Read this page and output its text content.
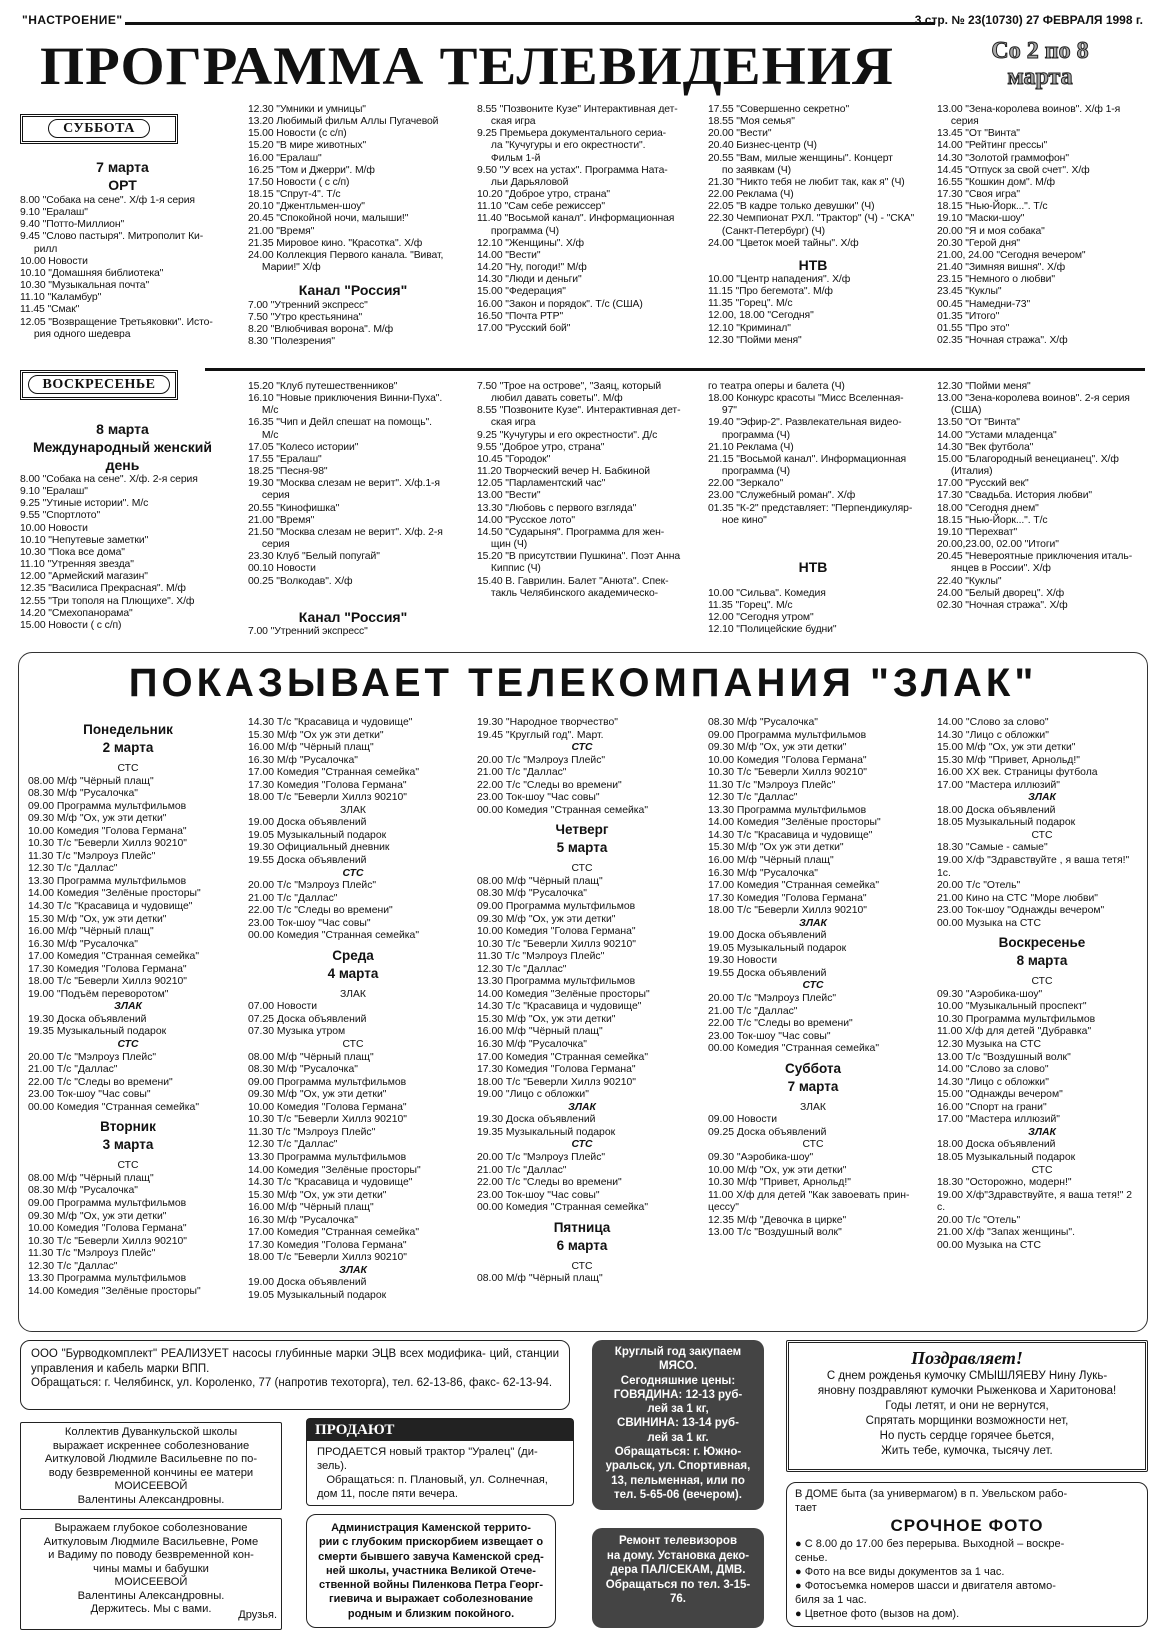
"НАСТРОЕНИЕ"	3 стр. № 23(10730) 27 ФЕВРАЛЯ 1998 г.
ПРОГРАММА ТЕЛЕВИДЕНИЯ	Со 2 по 8
марта
СУББОТА
7 марта
ОРТ
8.00 "Собака на сене". Х/ф 1-я серия
9.10 "Ералаш"
9.40 "Потто-Миллион"
9.45 "Слово пастыря". Митрополит Ки-
рилл
10.00 Новости
10.10 "Домашняя библиотека"
10.30 "Музыкальная почта"
11.10 "Каламбур"
11.45 "Смак"
12.05 "Возвращение Третьяковки". Исто-
рия одного шедевра
12.30 "Умники и умницы"
13.20 Любимый фильм Аллы Пугачевой
15.00 Новости (с с/п)
15.20 "В мире животных"
16.00 "Ералаш"
16.25 "Том и Джерри". М/ф
17.50 Новости ( с с/п)
18.15 "Спрут-4". Т/с
20.10 "Джентльмен-шоу"
20.45 "Спокойной ночи, малыши!"
21.00 "Время"
21.35 Мировое кино. "Красотка". Х/ф
24.00 Коллекция Первого канала. "Виват,
Марии!" Х/ф
Канал "Россия"
7.00 "Утренний экспресс"
7.50 "Утро крестьянина"
8.20 "Влюбчивая ворона". М/ф
8.30 "Полезрения"
8.55 "Позвоните Кузе" Интерактивная дет-
ская игра
9.25 Премьера документального сериа-
ла "Кучугуры и его окрестности".
Фильм 1-й
9.50 "У всех на устах". Программа Ната-
льи Дарьяловой
10.20 "Доброе утро, страна"
11.10 "Сам себе режиссер"
11.40 "Восьмой канал". Информационная
программа (Ч)
12.10 "Женщины". Х/ф
14.00 "Вести"
14.20 "Ну, погоди!" М/ф
14.30 "Люди и деньги"
15.00 "Федерация"
16.00 "Закон и порядок". Т/с (США)
16.50 "Почта РТР"
17.00 "Русский бой"
17.55 "Совершенно секретно"
18.55 "Моя семья"
20.00 "Вести"
20.40 Бизнес-центр (Ч)
20.55 "Вам, милые женщины". Концерт
по заявкам (Ч)
21.30 "Никто тебя не любит так, как я" (Ч)
22.00 Реклама (Ч)
22.05 "В кадре только девушки" (Ч)
22.30 Чемпионат РХЛ. "Трактор" (Ч) - "СКА"
(Санкт-Петербург) (Ч)
24.00 "Цветок моей тайны". Х/ф
НТВ
10.00 "Центр нападения". Х/ф
11.15 "Про бегемота". М/ф
11.35 "Горец". М/с
12.00, 18.00 "Сегодня"
12.10 "Криминал"
12.30 "Пойми меня"
13.00 "Зена-королева воинов". Х/ф 1-я
серия
13.45 "От "Винта"
14.00 "Рейтинг прессы"
14.30 "Золотой граммофон"
14.45 "Отпуск за свой счет". Х/ф
16.55 "Кошкин дом". М/ф
17.30 "Своя игра"
18.15 "Нью-Йорк...". Т/с
19.10 "Маски-шоу"
20.00 "Я и моя собака"
20.30 "Герой дня"
21.00, 24.00 "Сегодня вечером"
21.40 "Зимняя вишня". Х/ф
23.15 "Немного о любви"
23.45 "Куклы"
00.45 "Намедни-73"
01.35 "Итого"
01.55 "Про это"
02.35 "Ночная стража". Х/ф
ВОСКРЕСЕНЬЕ
8 марта
Международный женский
день
8.00 "Собака на сене". Х/ф. 2-я серия
9.10 "Ералаш"
9.25 "Утиные истории". М/с
9.55 "Спортлото"
10.00 Новости
10.10 "Непутевые заметки"
10.30 "Пока все дома"
11.10 "Утренняя звезда"
12.00 "Армейский магазин"
12.35 "Василиса Прекрасная". М/ф
12.55 "Три тополя на Плющихе". Х/ф
14.20 "Смехопанорама"
15.00 Новости ( с с/п)
15.20 "Клуб путешественников"
16.10 "Новые приключения Винни-Пуха".
М/с
16.35 "Чип и Дейл спешат на помощь".
М/с
17.05 "Колесо истории"
17.55 "Ералаш"
18.25 "Песня-98"
19.30 "Москва слезам не верит". Х/ф.1-я
серия
20.55 "Кинофишка"
21.00 "Время"
21.50 "Москва слезам не верит". Х/ф. 2-я
серия
23.30 Клуб "Белый попугай"
00.10 Новости
00.25 "Волкодав". Х/ф
Канал "Россия"
7.00 "Утренний экспресс"
7.50 "Трое на острове", "Заяц, который
любил давать советы". М/ф
8.55 "Позвоните Кузе". Интерактивная дет-
ская игра
9.25 "Кучугуры и его окрестности". Д/с
9.55 "Доброе утро, страна"
10.45 "Городок"
11.20 Творческий вечер Н. Бабкиной
12.05 "Парламентский час"
13.00 "Вести"
13.30 "Любовь с первого взгляда"
14.00 "Русское лото"
14.50 "Сударыня". Программа для жен-
щин (Ч)
15.20 "В присутствии Пушкина". Поэт Анна
Киппис (Ч)
15.40 В. Гаврилин. Балет "Анюта". Спек-
такль Челябинского академическо-
го театра оперы и балета (Ч)
18.00 Конкурс красоты "Мисс Вселенная-
97"
19.40 "Эфир-2". Развлекательная видео-
программа (Ч)
21.10 Реклама (Ч)
21.15 "Восьмой канал". Информационная
программа (Ч)
22.00 "Зеркало"
23.00 "Служебный роман". Х/ф
01.35 "К-2" представляет: "Перпендикуляр-
ное кино"
НТВ
10.00 "Сильва". Комедия
11.35 "Горец". М/с
12.00 "Сегодня утром"
12.10 "Полицейские будни"
12.30 "Пойми меня"
13.00 "Зена-королева воинов". 2-я серия
(США)
13.50 "От "Винта"
14.00 "Устами младенца"
14.30 "Век футбола"
15.00 "Благородный венецианец". Х/ф
(Италия)
17.00 "Русский век"
17.30 "Свадьба. История любви"
18.00 "Сегодня днем"
18.15 "Нью-Йорк...". Т/с
19.10 "Перехват"
20.00,23.00, 02.00 "Итоги"
20.45 "Невероятные приключения италь-
янцев в России". Х/ф
22.40 "Куклы"
24.00 "Белый дворец". Х/ф
02.30 "Ночная стража". Х/ф
ПОКАЗЫВАЕТ ТЕЛЕКОМПАНИЯ "ЗЛАК"
Понедельник
2 марта
СТС
08.00 М/ф "Чёрный плащ"
08.30 М/ф "Русалочка"
09.00 Программа мультфильмов
09.30 М/ф "Ох, уж эти детки"
10.00 Комедия "Голова Германа"
10.30 Т/с "Беверли Хиллз 90210"
11.30 Т/с "Мэлроуз Плейс"
12.30 Т/с "Даллас"
13.30 Программа мультфильмов
14.00 Комедия "Зелёные просторы"
14.30 Т/с "Красавица и чудовище"
15.30 М/ф "Ох, уж эти детки"
16.00 М/ф "Чёрный плащ"
16.30 М/ф "Русалочка"
17.00 Комедия "Странная семейка"
17.30 Комедия "Голова Германа"
18.00 Т/с "Беверли Хиллз 90210"
19.00 "Подъём переворотом"
ЗЛАК
19.30 Доска объявлений
19.35 Музыкальный подарок
СТС
20.00 Т/с "Мэлроуз Плейс"
21.00 Т/с "Даллас"
22.00 Т/с "Следы во времени"
23.00 Ток-шоу "Час совы"
00.00 Комедия "Странная семейка"
Вторник
3 марта
СТС
08.00 М/ф "Чёрный плащ"
08.30 М/ф "Русалочка"
09.00 Программа мультфильмов
09.30 М/ф "Ох, уж эти детки"
10.00 Комедия "Голова Германа"
10.30 Т/с "Беверли Хиллз 90210"
11.30 Т/с "Мэлроуз Плейс"
12.30 Т/с "Даллас"
13.30 Программа мультфильмов
14.00 Комедия "Зелёные просторы"
14.30 Т/с "Красавица и чудовище"
15.30 М/ф "Ох уж эти детки"
16.00 М/ф "Чёрный плащ"
16.30 М/ф "Русалочка"
17.00 Комедия "Странная семейка"
17.30 Комедия "Голова Германа"
18.00 Т/с "Беверли Хиллз 90210"
ЗЛАК
19.00 Доска объявлений
19.05 Музыкальный подарок
19.30 Официальный дневник
19.55 Доска объявлений
СТС
20.00 Т/с "Мэлроуз Плейс"
21.00 Т/с "Даллас"
22.00 Т/с "Следы во времени"
23.00 Ток-шоу "Час совы"
00.00 Комедия "Странная семейка"
Среда
4 марта
ЗЛАК
07.00 Новости
07.25 Доска объявлений
07.30 Музыка утром
СТС
08.00 М/ф "Чёрный плащ"
08.30 М/ф "Русалочка"
09.00 Программа мультфильмов
09.30 М/ф "Ох, уж эти детки"
10.00 Комедия "Голова Германа"
10.30 Т/с "Беверли Хиллз 90210"
11.30 Т/с "Мэлроуз Плейс"
12.30 Т/с "Даллас"
13.30 Программа мультфильмов
14.00 Комедия "Зелёные просторы"
14.30 Т/с "Красавица и чудовище"
15.30 М/ф "Ох, уж эти детки"
16.00 М/ф "Чёрный плащ"
16.30 М/ф "Русалочка"
17.00 Комедия "Странная семейка"
17.30 Комедия "Голова Германа"
18.00 Т/с "Беверли Хиллз 90210"
ЗЛАК
19.00 Доска объявлений
19.05 Музыкальный подарок
19.30 "Народное творчество"
19.45 "Круглый год". Март.
СТС
20.00 Т/с "Мэлроуз Плейс"
21.00 Т/с "Даллас"
22.00 Т/с "Следы во времени"
23.00 Ток-шоу "Час совы"
00.00 Комедия "Странная семейка"
Четверг
5 марта
СТС
08.00 М/ф "Чёрный плащ"
08.30 М/ф "Русалочка"
09.00 Программа мультфильмов
09.30 М/ф "Ох, уж эти детки"
10.00 Комедия "Голова Германа"
10.30 Т/с "Беверли Хиллз 90210"
11.30 Т/с "Мэлроуз Плейс"
12.30 Т/с "Даллас"
13.30 Программа мультфильмов
14.00 Комедия "Зелёные просторы"
14.30 Т/с "Красавица и чудовище"
15.30 М/ф "Ох, уж эти детки"
16.00 М/ф "Чёрный плащ"
16.30 М/ф "Русалочка"
17.00 Комедия "Странная семейка"
17.30 Комедия "Голова Германа"
18.00 Т/с "Беверли Хиллз 90210"
19.00 "Лицо с обложки"
ЗЛАК
19.30 Доска объявлений
19.35 Музыкальный подарок
СТС
20.00 Т/с "Мэлроуз Плейс"
21.00 Т/с "Даллас"
22.00 Т/с "Следы во времени"
23.00 Ток-шоу "Час совы"
00.00 Комедия "Странная семейка"
Пятница
6 марта
СТС
08.00 М/ф "Чёрный плащ"
08.30 М/ф "Русалочка"
09.00 Программа мультфильмов
09.30 М/ф "Ох, уж эти детки"
10.00 Комедия "Голова Германа"
10.30 Т/с "Беверли Хиллз 90210"
11.30 Т/с "Мэлроуз Плейс"
12.30 Т/с "Даллас"
13.30 Программа мультфильмов
14.00 Комедия "Зелёные просторы"
14.30 Т/с "Красавица и чудовище"
15.30 М/ф "Ох уж эти детки"
16.00 М/ф "Чёрный плащ"
16.30 М/ф "Русалочка"
17.00 Комедия "Странная семейка"
17.30 Комедия "Голова Германа"
18.00 Т/с "Беверли Хиллз 90210"
ЗЛАК
19.00 Доска объявлений
19.05 Музыкальный подарок
19.30 Новости
19.55 Доска объявлений
СТС
20.00 Т/с "Мэлроуз Плейс"
21.00 Т/с "Даллас"
22.00 Т/с "Следы во времени"
23.00 Ток-шоу "Час совы"
00.00 Комедия "Странная семейка"
Суббота
7 марта
ЗЛАК
09.00 Новости
09.25 Доска объявлений
СТС
09.30 "Аэробика-шоу"
10.00 М/ф "Ох, уж эти детки"
10.30 М/ф "Привет, Арнольд!"
11.00 Х/ф для детей "Как завоевать прин-
цессу"
12.35 М/ф "Девочка в цирке"
13.00 Т/с "Воздушный волк"
14.00 "Слово за слово"
14.30 "Лицо с обложки"
15.00 М/ф "Ох, уж эти детки"
15.30 М/ф "Привет, Арнольд!"
16.00 XX век. Страницы футбола
17.00 "Мастера иллюзий"
ЗЛАК
18.00 Доска объявлений
18.05 Музыкальный подарок
СТС
18.30 "Самые - самые"
19.00 Х/ф "Здравствуйте , я ваша тетя!"
1с.
20.00 Т/с "Отель"
21.00 Кино на СТС "Море любви"
23.00 Ток-шоу "Однажды вечером"
00.00 Музыка на СТС
Воскресенье
8 марта
СТС
09.30 "Аэробика-шоу"
10.00 "Музыкальный проспект"
10.30 Программа мультфильмов
11.00 Х/ф для детей "Дубравка"
12.30 Музыка на СТС
13.00 Т/с "Воздушный волк"
14.00 "Слово за слово"
14.30 "Лицо с обложки"
15.00 "Однажды вечером"
16.00 "Спорт на грани"
17.00 "Мастера иллюзий"
ЗЛАК
18.00 Доска объявлений
18.05 Музыкальный подарок
СТС
18.30 "Осторожно, модерн!"
19.00 Х/ф"Здравствуйте, я ваша тетя!" 2
с.
20.00 Т/с "Отель"
21.00 Х/ф "Запах женщины".
00.00 Музыка на СТС
ООО "Бурводкомплект" РЕАЛИЗУЕТ насосы глубинные марки ЭЦВ всех модифика- ций, станции управления и кабель марки ВПП.
Обращаться: г. Челябинск, ул. Короленко, 77 (напротив техоторга), тел. 62-13-86, факс- 62-13-94.
Круглый год закупаем
МЯСО.
Сегодняшние цены:
ГОВЯДИНА: 12-13 руб-
лей за 1 кг,
СВИНИНА: 13-14 руб-
лей за 1 кг.
Обращаться: г. Южно-
уральск, ул. Спортивная,
13, пельменная, или по
тел. 5-65-06 (вечером).
Поздравляет!
С днем рожденья кумочку СМЫШЛЯЕВУ Нину Лукь-
яновну поздравляют кумочки Рыженкова и Харитонова!
Годы летят, и они не вернутся,
Спрятать морщинки возможности нет,
Но пусть сердце горячее бьется,
Жить тебе, кумочка, тысячу лет.
Коллектив Дуванкульской школы
выражает искреннее соболезнование
Аиткуловой Людмиле Васильевне по по-
воду безвременной кончины ее матери
МОИСЕЕВОЙ
Валентины Александровны.
ПРОДАЮТ
ПРОДАЕТСЯ новый трактор "Уралец" (ди-
зель).
Обращаться: п. Плановый, ул. Солнечная,
дом 11, после пяти вечера.	В ДОМЕ быта (за универмагом) в п. Увельском рабо-
тает
СРОЧНОЕ ФОТО
● С 8.00 до 17.00 без перерыва. Выходной – воскре-
сенье.
● Фото на все виды документов за 1 час.
● Фотосъемка номеров шасси и двигателя автомо-
биля за 1 час.
● Цветное фото (вызов на дом).
Выражаем глубокое соболезнование
Аиткуловым Людмиле Васильевне, Роме
и Вадиму по поводу безвременной кон-
чины мамы и бабушки
МОИСЕЕВОЙ
Валентины Александровны.
Держитесь. Мы с вами.	Друзья.
Администрация Каменской террито-
рии с глубоким прискорбием извещает о
смерти бывшего завуча Каменской сред-
ней школы, участника Великой Отече-
ственной войны Пиленкова Петра Георг-
гиевича и выражает соболезнование
родным и близким покойного.
Ремонт телевизоров
на дому. Установка деко-
дера ПАЛ/СЕКАМ, ДМВ.
Обращаться по тел. 3-15-
76.
